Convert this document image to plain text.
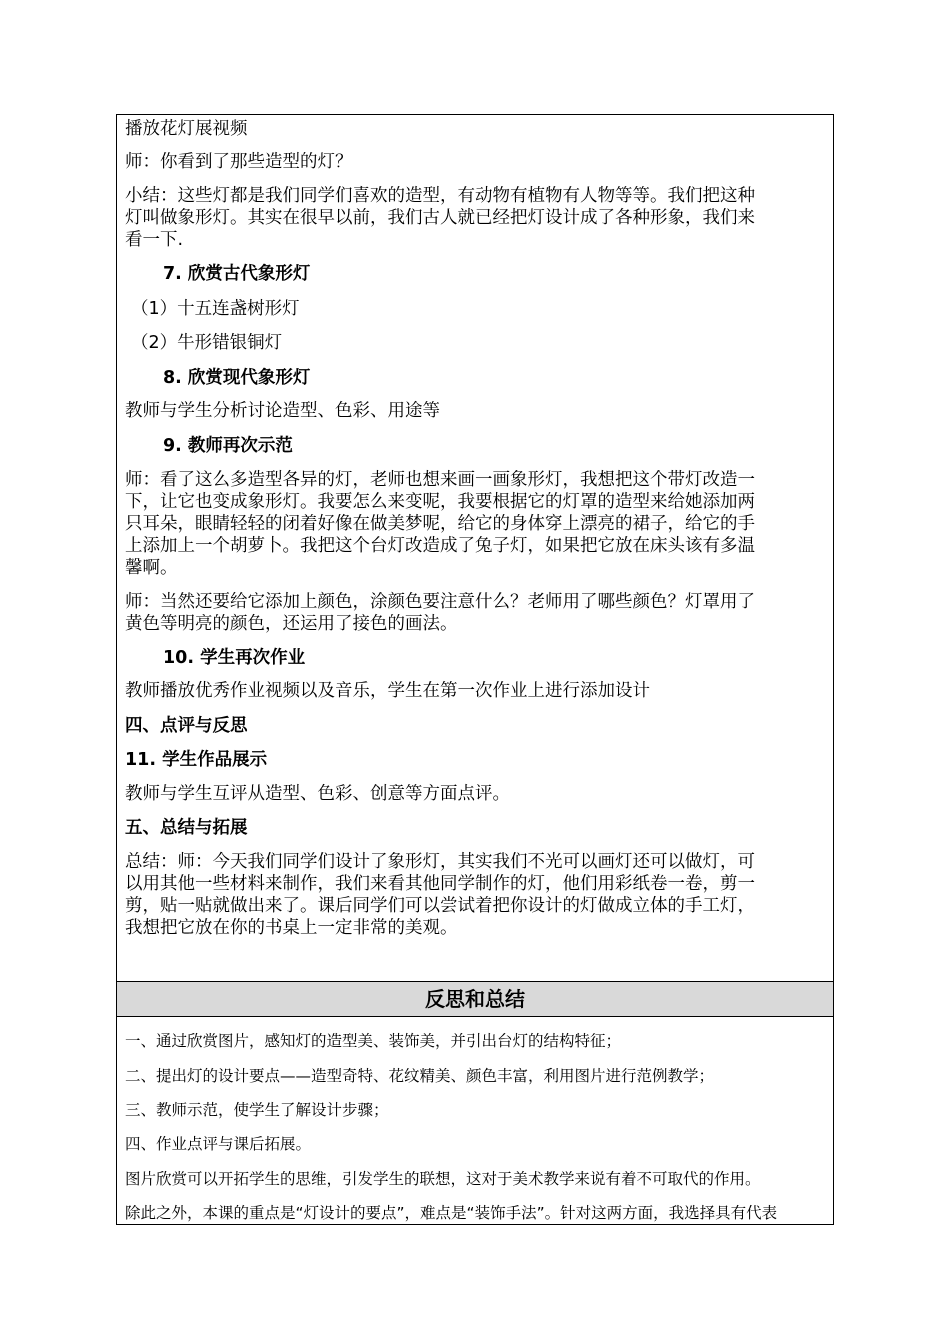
播放花灯展视频
师：你看到了那些造型的灯？
小结：这些灯都是我们同学们喜欢的造型，有动物有植物有人物等等。我们把这种
灯叫做象形灯。其实在很早以前，我们古人就已经把灯设计成了各种形象，我们来
看一下.
7. 欣赏古代象形灯
（1）十五连盏树形灯
（2）牛形错银铜灯
8. 欣赏现代象形灯
教师与学生分析讨论造型、色彩、用途等
9. 教师再次示范
师：看了这么多造型各异的灯，老师也想来画一画象形灯，我想把这个带灯改造一
下，让它也变成象形灯。我要怎么来变呢，我要根据它的灯罩的造型来给她添加两
只耳朵，眼睛轻轻的闭着好像在做美梦呢，给它的身体穿上漂亮的裙子，给它的手
上添加上一个胡萝卜。我把这个台灯改造成了兔子灯，如果把它放在床头该有多温
馨啊。
师：当然还要给它添加上颜色，涂颜色要注意什么？老师用了哪些颜色？灯罩用了
黄色等明亮的颜色，还运用了接色的画法。
10. 学生再次作业
教师播放优秀作业视频以及音乐，学生在第一次作业上进行添加设计
四、点评与反思
11. 学生作品展示
教师与学生互评从造型、色彩、创意等方面点评。
五、总结与拓展
总结：师：今天我们同学们设计了象形灯，其实我们不光可以画灯还可以做灯，可
以用其他一些材料来制作，我们来看其他同学制作的灯，他们用彩纸卷一卷，剪一
剪，贴一贴就做出来了。课后同学们可以尝试着把你设计的灯做成立体的手工灯，
我想把它放在你的书桌上一定非常的美观。
反思和总结
一、通过欣赏图片，感知灯的造型美、装饰美，并引出台灯的结构特征；
二、提出灯的设计要点——造型奇特、花纹精美、颜色丰富，利用图片进行范例教学；
三、教师示范，使学生了解设计步骤；
四、作业点评与课后拓展。
图片欣赏可以开拓学生的思维，引发学生的联想，这对于美术教学来说有着不可取代的作用。
除此之外，本课的重点是“灯设计的要点”，难点是“装饰手法”。针对这两方面，我选择具有代表
